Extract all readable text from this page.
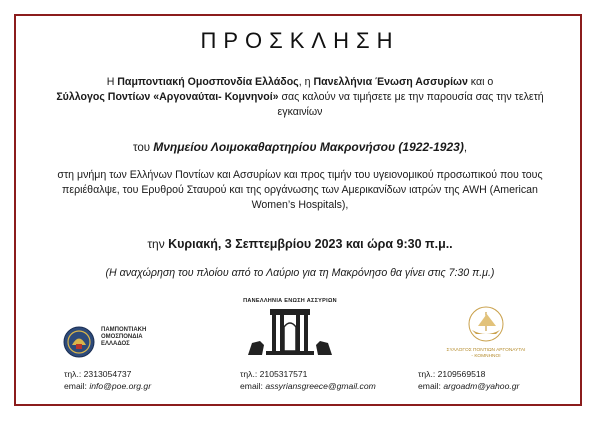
ΠΡΟΣΚΛΗΣΗ
Η Παμποντιακή Ομοσπονδία Ελλάδος, η Πανελλήνια Ένωση Ασσυρίων και ο
Σύλλογος Ποντίων «Αργοναύται- Κομνηνοί» σας καλούν να τιμήσετε με την παρουσία σας την τελετή εγκαινίων
του Μνημείου Λοιμοκαθαρτηρίου Μακρονήσου (1922-1923),
στη μνήμη των Ελλήνων Ποντίων και Ασσυρίων και προς τιμήν του υγειονομικού προσωπικού που τους περιέθαλψε, του Ερυθρού Σταυρού και της οργάνωσης των Αμερικανίδων ιατρών της AWH (American Women’s Hospitals),
την Κυριακή, 3 Σεπτεμβρίου 2023 και ώρα 9:30 π.μ..
(Η αναχώρηση του πλοίου από το Λαύριο για τη Μακρόνησο θα γίνει στις 7:30 π.μ.)
ΠΑΜΠΟΝΤΙΑΚΗ ΟΜΟΣΠΟΝΔΙΑ ΕΛΛΑΔΟΣ
ΠΑΝΕΛΛΗΝΙΑ ΕΝΩΣΗ ΑΣΣΥΡΙΩΝ
ΣΥΛΛΟΓΟΣ ΠΟΝΤΙΩΝ ΑΡΓΟΝΑΥΤΑΙ - ΚΟΜΝΗΝΟΙ
τηλ.: 2313054737
email: info@poe.org.gr
τηλ.: 2105317571
email: assyriansgreece@gmail.com
τηλ.: 2109569518
email: argoadm@yahoo.gr
